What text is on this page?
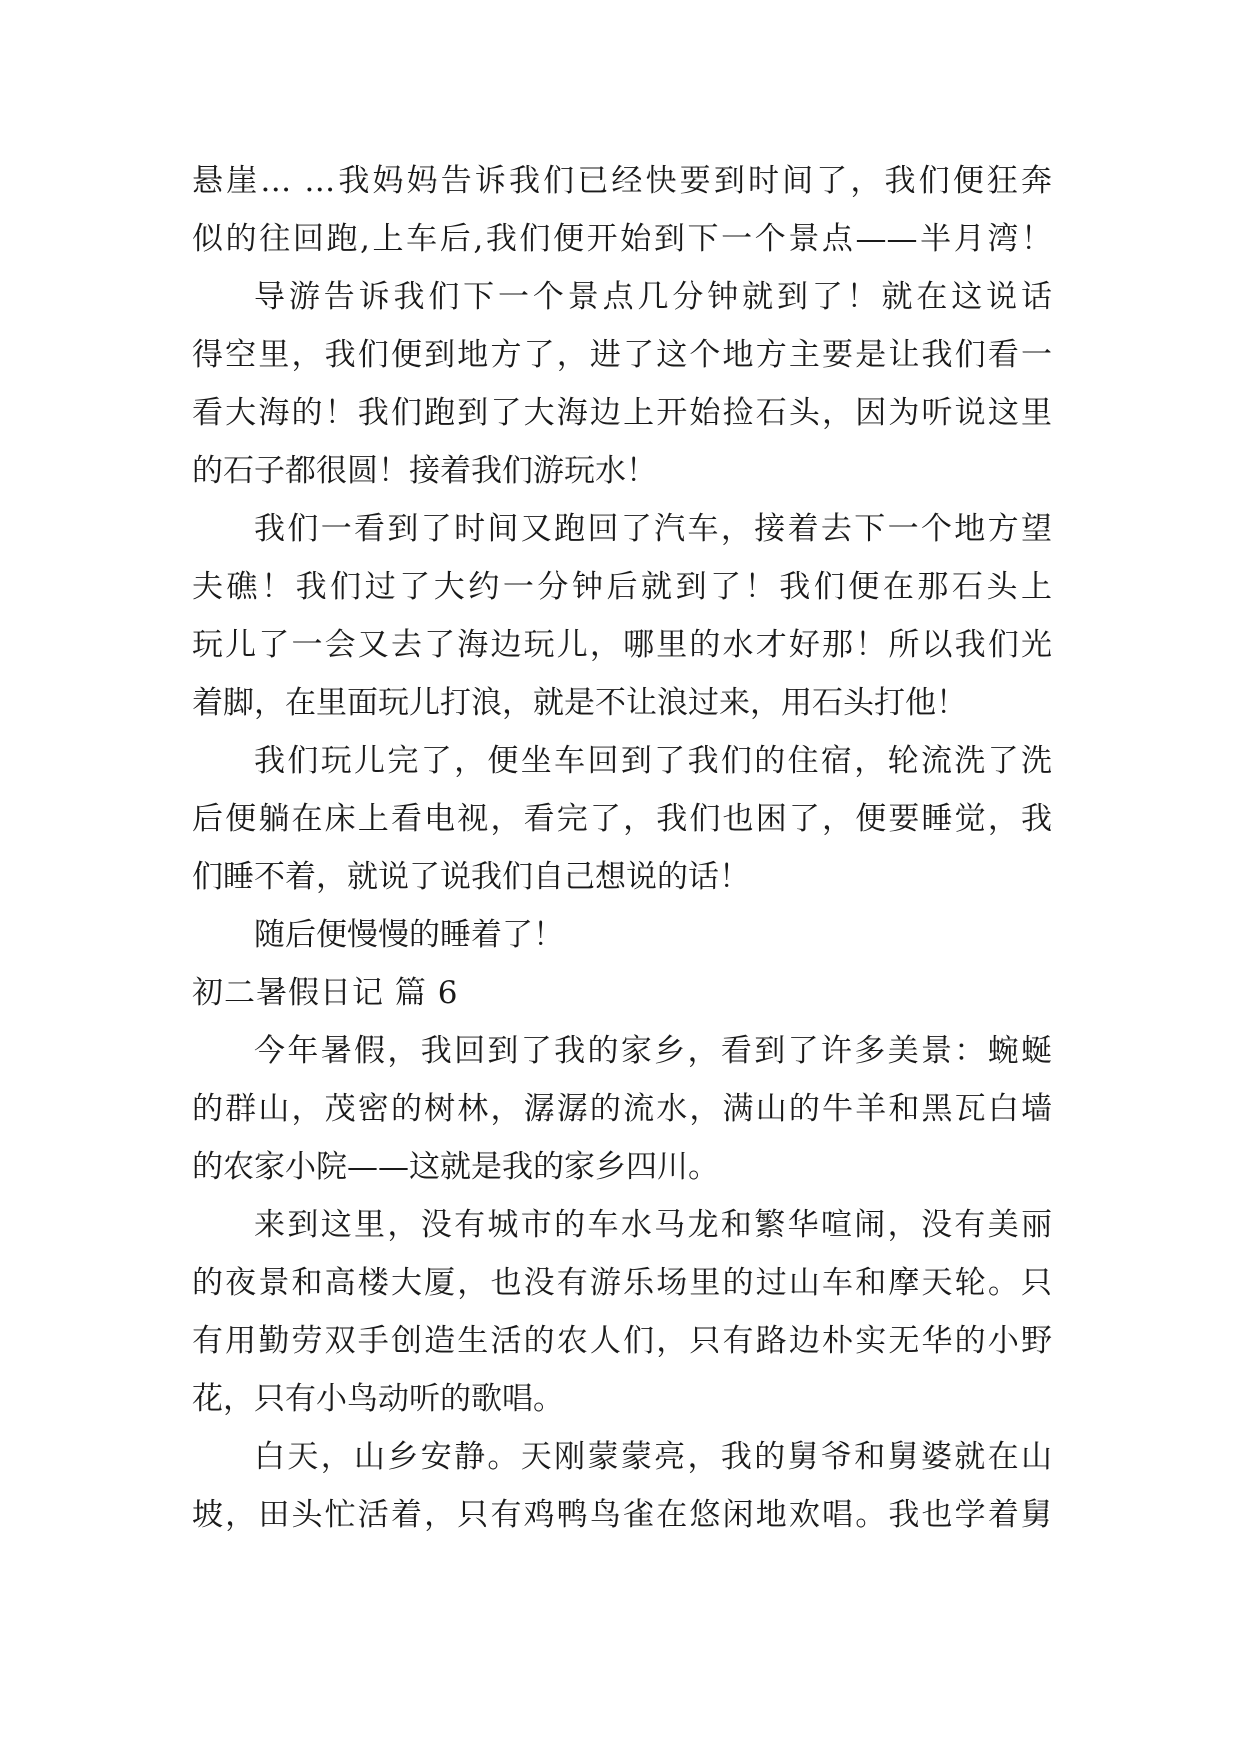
悬崖… …我妈妈告诉我们已经快要到时间了，我们便狂奔
似的往回跑,上车后,我们便开始到下一个景点——半月湾！
导游告诉我们下一个景点几分钟就到了！就在这说话
得空里，我们便到地方了，进了这个地方主要是让我们看一
看大海的！我们跑到了大海边上开始捡石头，因为听说这里
的石子都很圆！接着我们游玩水！
我们一看到了时间又跑回了汽车，接着去下一个地方望
夫礁！我们过了大约一分钟后就到了！我们便在那石头上
玩儿了一会又去了海边玩儿，哪里的水才好那！所以我们光
着脚，在里面玩儿打浪，就是不让浪过来，用石头打他！
我们玩儿完了，便坐车回到了我们的住宿，轮流洗了洗
后便躺在床上看电视，看完了，我们也困了，便要睡觉，我
们睡不着，就说了说我们自己想说的话！
随后便慢慢的睡着了！
初二暑假日记 篇 6
今年暑假，我回到了我的家乡，看到了许多美景：蜿蜒
的群山，茂密的树林，潺潺的流水，满山的牛羊和黑瓦白墙
的农家小院——这就是我的家乡四川。
来到这里，没有城市的车水马龙和繁华喧闹，没有美丽
的夜景和高楼大厦，也没有游乐场里的过山车和摩天轮。只
有用勤劳双手创造生活的农人们，只有路边朴实无华的小野
花，只有小鸟动听的歌唱。
白天，山乡安静。天刚蒙蒙亮，我的舅爷和舅婆就在山
坡，田头忙活着，只有鸡鸭鸟雀在悠闲地欢唱。我也学着舅
